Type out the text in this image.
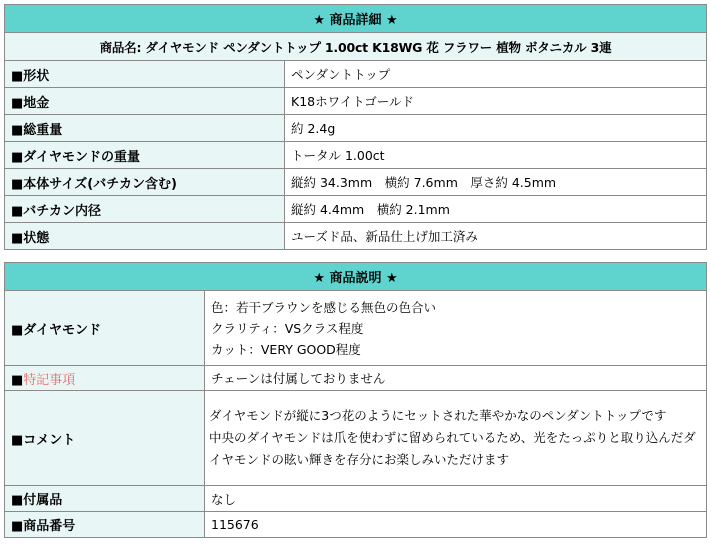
★ 商品詳細 ★	
商品名: ダイヤモンド ペンダントトップ 1.00ct K18WG 花 フラワー 植物 ボタニカル 3連	
■形状	ペンダントトップ
■地金	K18ホワイトゴールド
■総重量	約 2.4g
■ダイヤモンドの重量	トータル 1.00ct
■本体サイズ(バチカン含む)	縦約 34.3mm　横約 7.6mm　厚さ約 4.5mm
■バチカン内径	縦約 4.4mm　横約 2.1mm
■状態	ユーズド品、新品仕上げ加工済み
★ 商品説明 ★	
■ダイヤモンド	色：若干ブラウンを感じる無色の色合い
クラリティ：VSクラス程度
カット：VERY GOOD程度

■特記事項	チェーンは付属しておりません
■コメント	ダイヤモンドが縦に3つ花のようにセットされた華やかなのペンダントトップです
中央のダイヤモンドは爪を使わずに留められているため、光をたっぷりと取り込んだダイヤモンドの眩い輝きを存分にお楽しみいただけます
■付属品	なし
■商品番号	115676
